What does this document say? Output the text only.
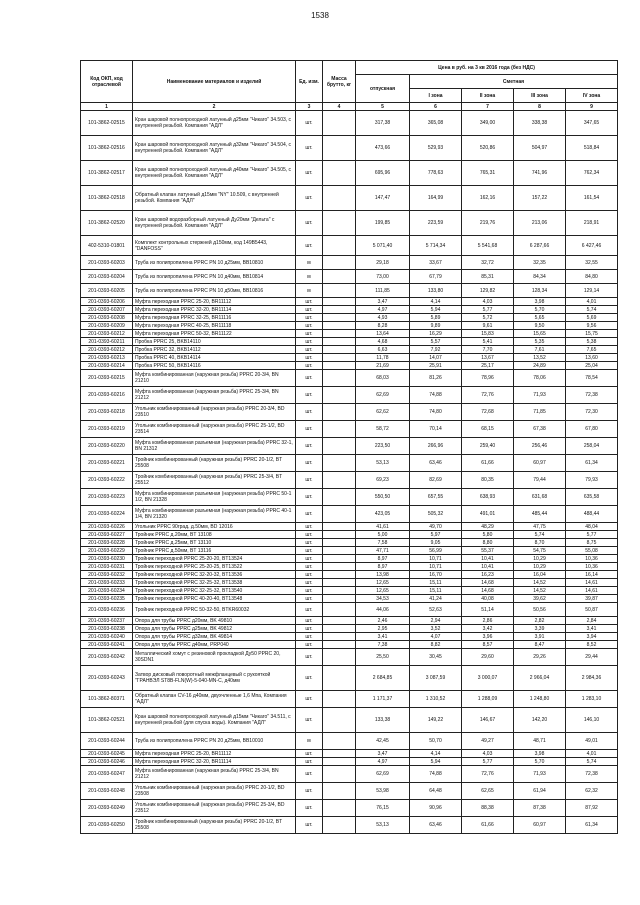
1538
Код ОКП, код отраслевой	Наименование материалов и изделий	Ед. изм.	Масса брутто, кг	Цена в руб. на 3 кв 2016 года (без НДС)				
				отпускная	Сметная			
					I зона	II зона	III зона	IV зона
1	2	3	4	5	6	7	8	9
101-3862-02515	Кран шаровой полнопроходной латунный д25мм "Чикаго" 34.503, с внутренней резьбой. Компания "АДЛ"	шт.		317,38	365,08	349,00	338,38	347,65
101-3862-02516	Кран шаровой полнопроходной латунный д32мм "Чикаго" 34.504, с внутренней резьбой. Компания "АДЛ"	шт.		473,66	529,93	520,86	504,97	518,84
101-3862-02517	Кран шаровой полнопроходной латунный д40мм "Чикаго" 34.505, с внутренней резьбой. Компания "АДЛ"	шт.		695,96	778,63	765,31	741,96	762,34
101-3862-02518	Обратный клапан латунный д15мм "NY" 10.509, с внутренней резьбой. Компания "АДЛ"	шт.		147,47	164,99	162,16	157,22	161,54
101-3862-02520	Кран шаровой водоразборный латунный Ду20мм "Дельта" с внутренней резьбой. Компания "АДЛ"	шт.		199,85	223,59	219,76	213,06	218,91
402-5310-01801	Комплект контрольных стержней д150мм, код 149B5443, "DANFOSS"	шт.		5 071,40	5 714,34	5 541,68	6 287,66	6 427,46
201-0393-60203	Труба из полипропилена PPRC PN 10 д25мм, BB10810	м		29,18	33,67	32,72	32,35	32,55
201-0393-60204	Труба из полипропилена PPRC PN 10 д40мм, BB10814	м		73,00	67,79	85,31	84,34	84,80
201-0393-60205	Труба из полипропилена PPRC PN 10 д50мм, BB10816	м		111,85	133,80	129,82	128,34	129,14
201-0393-60206	Муфта переходная PPRC 25-20, BR11112	шт.		3,47	4,14	4,03	3,98	4,01
201-0393-60207	Муфта переходная PPRC 32-20, BR11114	шт.		4,97	5,94	5,77	5,70	5,74
201-0393-60208	Муфта переходная PPRC 32-25, BR11116	шт.		4,93	5,89	5,72	5,65	5,69
201-0393-60209	Муфта переходная PPRC 40-25, BR11118	шт.		8,28	9,89	9,61	9,50	9,56
201-0393-60212	Муфта переходная PPRC 50-32, BR11122	шт.		13,64	16,29	15,83	15,65	15,75
201-0393-60211	Пробка PPRC 25, BKB14110	шт.		4,68	5,57	5,41	5,35	5,38
201-0393-60212	Пробка PPRC 32, BKB14112	шт.		6,63	7,92	7,70	7,61	7,65
201-0393-60213	Пробка PPRC 40, BKB14114	шт.		11,78	14,07	13,67	13,52	13,60
201-0393-60214	Пробка PPRC 50, BKB14116	шт.		21,69	25,91	25,17	24,89	25,04
201-0393-60215	Муфта комбинированная (наружная резьба) PPRC 20-3/4, BN 21210	шт.		68,03	81,26	78,96	78,06	78,54
201-0393-60216	Муфта комбинированная (наружная резьба) PPRC 25-3/4, BN 21212	шт.		62,69	74,88	72,76	71,93	72,38
201-0393-60218	Угольник комбинированный (наружная резьба) PPRC 20-3/4, BD 23510	шт.		62,62	74,80	72,68	71,85	72,30
201-0393-60219	Угольник комбинированный (наружная резьба) PPRC 25-1/2, BD 23514	шт.		58,72	70,14	68,15	67,38	67,80
201-0393-60220	Муфта комбинированная разъемная (наружная резьба) PPRC 32-1, BN 21312	шт.		223,50	266,96	259,40	256,46	258,04
201-0393-60221	Тройник комбинированный (наружная резьба) PPRC 20-1/2, BT 25508	шт.		53,13	63,46	61,66	60,97	61,34
201-0393-60222	Тройник комбинированный (наружная резьба) PPRC 25-3/4, BT 25512	шт.		69,23	82,69	80,35	79,44	79,93
201-0393-60223	Муфта комбинированная разъемная (наружная резьба) PPRC 50-1 1/2, BN 21328	шт.		550,50	657,55	638,93	631,68	635,58
201-0393-60224	Муфта комбинированная разъемная (наружная резьба) PPRC 40-1 1/4, BN 21320	шт.		423,05	505,32	491,01	485,44	488,44
201-0393-60226	Угольник PPRC 90град. д.50мм, BD 12016	шт.		41,61	49,70	48,29	47,75	48,04
201-0393-60227	Тройник PPRC д.20мм, BT 13108	шт.		5,00	5,97	5,80	5,74	5,77
201-0393-60228	Тройник PPRC д.25мм, BT 13110	шт.		7,58	9,05	8,80	8,70	8,75
201-0393-60229	Тройник PPRC д.50мм, BT 13116	шт.		47,71	56,99	55,37	54,75	55,08
201-0393-60230	Тройник переходной PPRC 25-20-20, BT13524	шт.		8,97	10,71	10,41	10,29	10,36
201-0393-60231	Тройник переходной PPRC 25-20-25, BT13522	шт.		8,97	10,71	10,41	10,29	10,36
201-0393-60232	Тройник переходной PPRC 32-20-32, BT13536	шт.		13,98	16,70	16,23	16,04	16,14
201-0393-60233	Тройник переходной PPRC 32-25-32, BT13538	шт.		12,65	15,11	14,68	14,52	14,61
201-0393-60234	Тройник переходной PPRC 32-25-32, BT13540	шт.		12,65	15,11	14,68	14,52	14,61
201-0393-60235	Тройник переходной PPRC 40-20-40, BT13548	шт.		34,53	41,24	40,08	39,62	39,87
201-0393-60236	Тройник переходной PPRC 50-32-50, BTKR60032	шт.		44,06	52,63	51,14	50,56	50,87
201-0393-60237	Опора для трубы PPRC д20мм, BK 49810	шт.		2,46	2,94	2,86	2,82	2,84
201-0393-60238	Опора для трубы PPRC д25мм, BK 49812	шт.		2,95	3,52	3,42	3,39	3,41
201-0393-60240	Опора для трубы PPRC д32мм, BK 49814	шт.		3,41	4,07	3,96	3,91	3,94
201-0393-60241	Опора для трубы PPRC д40мм, PRP040	шт.		7,38	8,82	8,57	8,47	8,52
201-0393-60242	Металлический хомут с резиновой прокладкой Ду50 PPRC 20, 30SDN1	шт.		25,50	30,45	29,60	29,26	29,44
201-0393-60243	Затвор дисковый поворотный межфланцевый с рукояткой "ГРАНВЭЛ SТ8B-FLN(W)-5-040-MN-С, д40мм	шт.		2 684,85	3 087,59	3 000,07	2 966,04	2 984,36
101-3862-80371	Обратный клапан CV-16 д40мм, двухчленные 1,6 Мпа, Компания "АДЛ"	шт.		1 171,37	1 310,52	1 288,09	1 248,80	1 283,10
101-3862-02521	Кран шаровой полнопроходной латунный д15мм "Чикаго" 34.511, с внутренней резьбой (для спуска воды). Компания "АДЛ"	шт.		133,38	149,22	146,67	142,20	146,10
201-0393-60244	Труба из полипропилена PPRC PN 20 д25мм, BB10010	м		42,45	50,70	49,27	48,71	49,01
201-0393-60245	Муфта переходная PPRC 25-20, BR11112	шт.		3,47	4,14	4,03	3,98	4,01
201-0393-60246	Муфта переходная PPRC 32-20, BR11114	шт.		4,97	5,94	5,77	5,70	5,74
201-0393-60247	Муфта комбинированная (наружная резьба) PPRC 25-3/4, BN 21212	шт.		62,69	74,88	72,76	71,93	72,38
201-0393-60248	Угольник комбинированный (наружная резьба) PPRC 20-1/2, BD 23508	шт.		53,98	64,48	62,65	61,94	62,32
201-0393-60249	Угольник комбинированный (наружная резьба) PPRC 25-3/4, BD 23512	шт.		76,15	90,96	88,38	87,38	87,92
201-0393-60250	Тройник комбинированный (наружная резьба) PPRC 20-1/2, BT 25508	шт.		53,13	63,46	61,66	60,97	61,34
